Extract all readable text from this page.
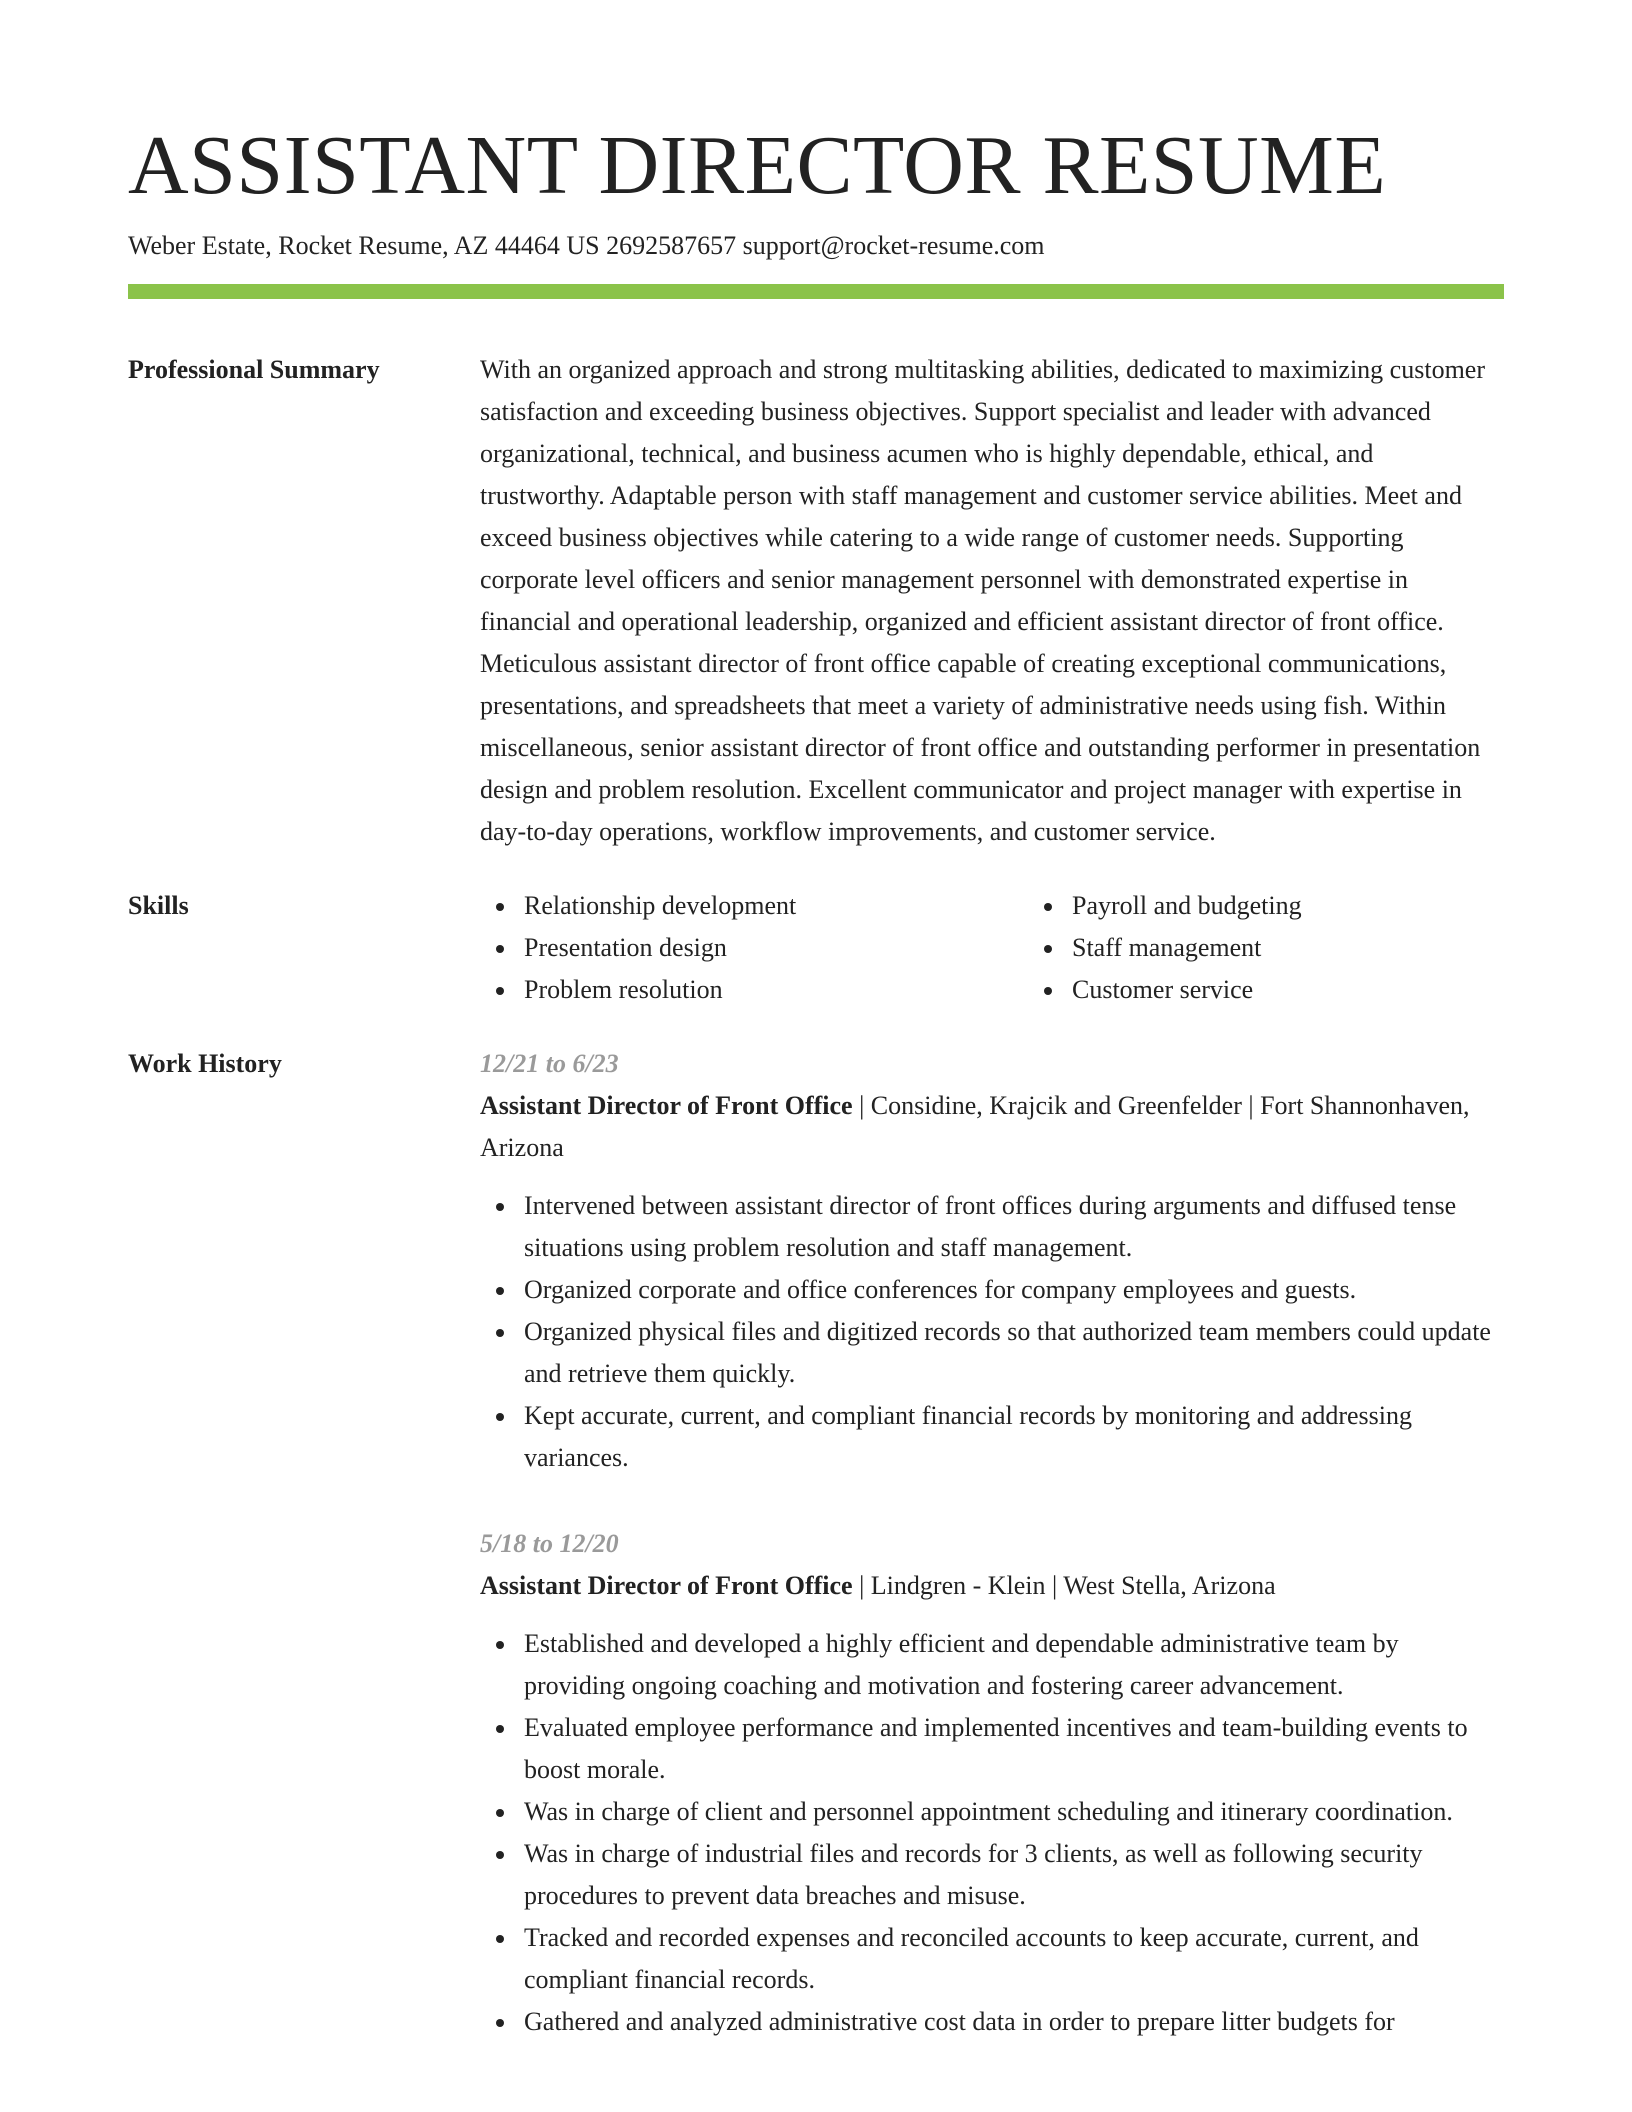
ASSISTANT DIRECTOR RESUME
Weber Estate, Rocket Resume, AZ 44464 US 2692587657 support@rocket-resume.com
Professional Summary	With an organized approach and strong multitasking abilities, dedicated to maximizing customer satisfaction and exceeding business objectives. Support specialist and leader with advanced organizational, technical, and business acumen who is highly dependable, ethical, and trustworthy. Adaptable person with staff management and customer service abilities. Meet and exceed business objectives while catering to a wide range of customer needs. Supporting corporate level officers and senior management personnel with demonstrated expertise in financial and operational leadership, organized and efficient assistant director of front office. Meticulous assistant director of front office capable of creating exceptional communications, presentations, and spreadsheets that meet a variety of administrative needs using fish. Within miscellaneous, senior assistant director of front office and outstanding performer in presentation design and problem resolution. Excellent communicator and project manager with expertise in day-to-day operations, workflow improvements, and customer service.
Skills	Relationship development
Presentation design
Problem resolution
Payroll and budgeting
Staff management
Customer service
Work History	12/21 to 6/23
Assistant Director of Front Office | Considine, Krajcik and Greenfelder | Fort Shannonhaven, Arizona
Intervened between assistant director of front offices during arguments and diffused tense situations using problem resolution and staff management.
Organized corporate and office conferences for company employees and guests.
Organized physical files and digitized records so that authorized team members could update and retrieve them quickly.
Kept accurate, current, and compliant financial records by monitoring and addressing variances.
5/18 to 12/20
Assistant Director of Front Office | Lindgren - Klein | West Stella, Arizona
Established and developed a highly efficient and dependable administrative team by providing ongoing coaching and motivation and fostering career advancement.
Evaluated employee performance and implemented incentives and team-building events to boost morale.
Was in charge of client and personnel appointment scheduling and itinerary coordination.
Was in charge of industrial files and records for 3 clients, as well as following security procedures to prevent data breaches and misuse.
Tracked and recorded expenses and reconciled accounts to keep accurate, current, and compliant financial records.
Gathered and analyzed administrative cost data in order to prepare litter budgets for
